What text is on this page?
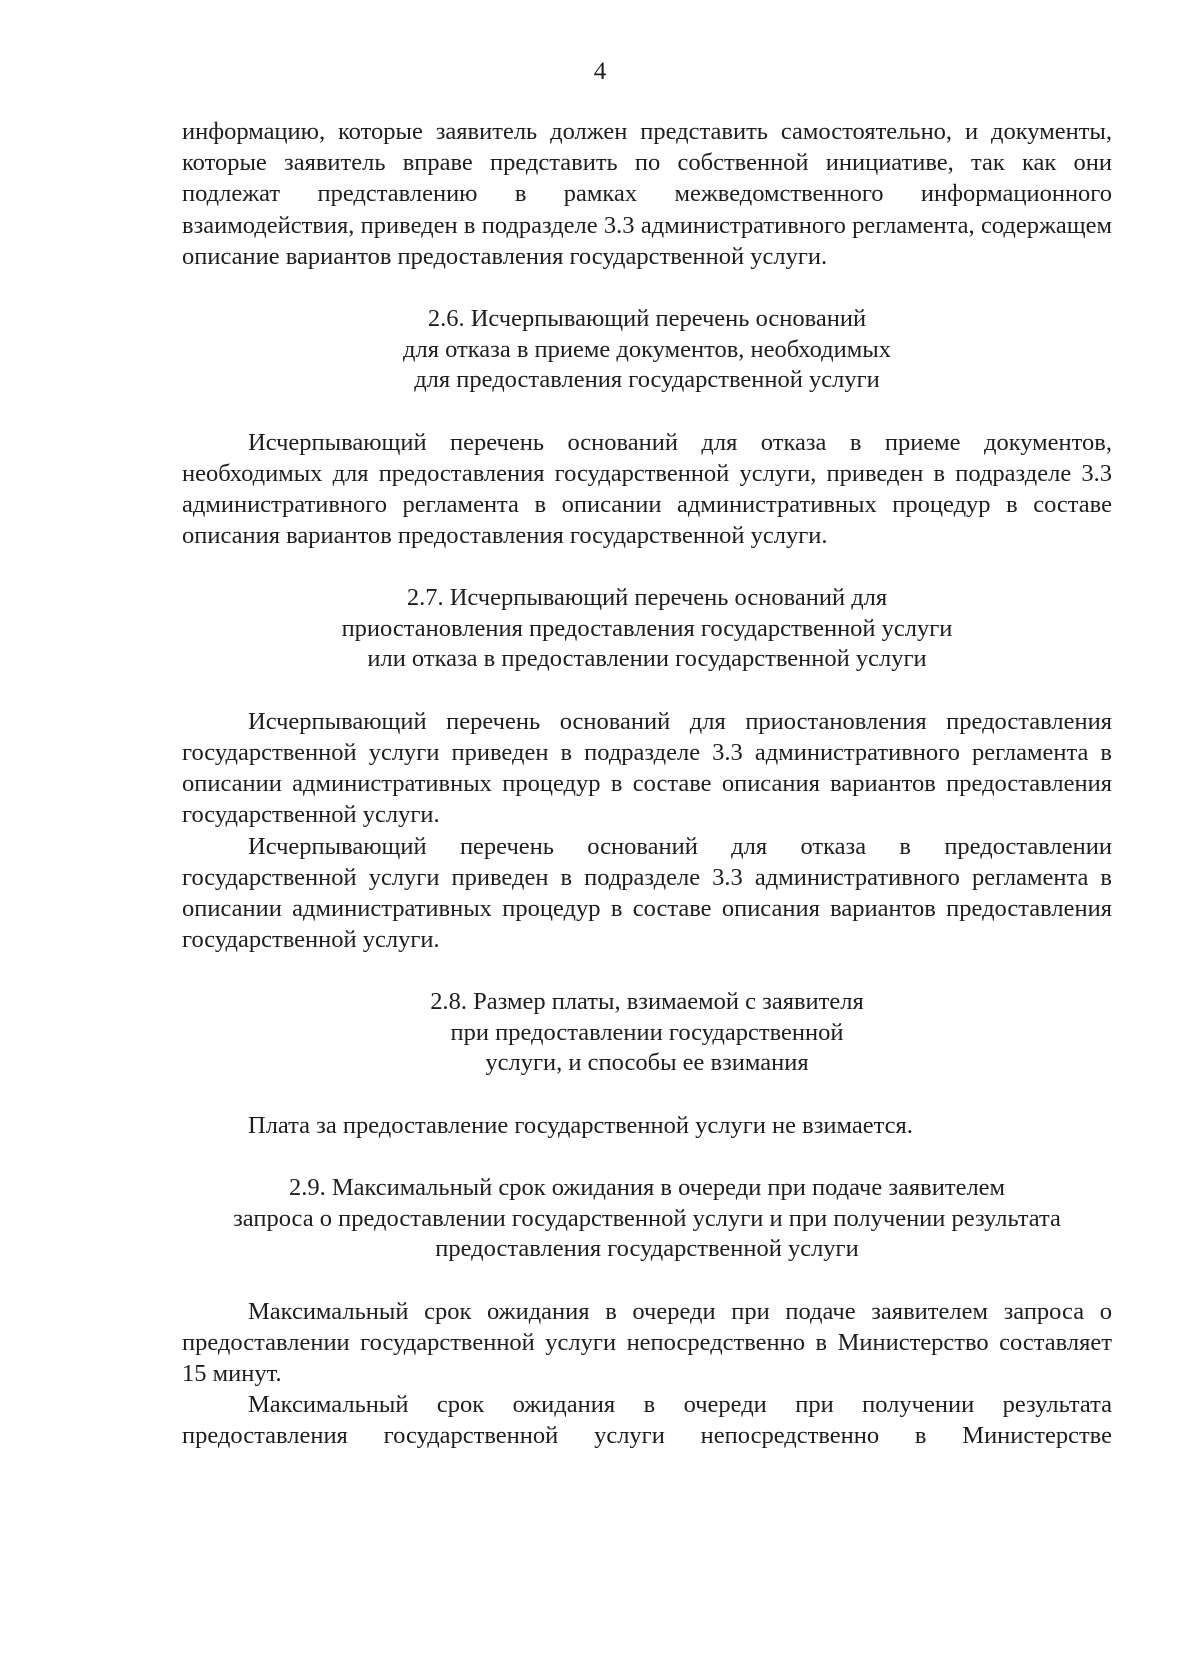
4

информацию, которые заявитель должен представить самостоятельно, и документы, которые заявитель вправе представить по собственной инициативе, так как они подлежат представлению в рамках межведомственного информационного взаимодействия, приведен в подразделе 3.3 административного регламента, содержащем описание вариантов предоставления государственной услуги.

2.6. Исчерпывающий перечень оснований
для отказа в приеме документов, необходимых
для предоставления государственной услуги

Исчерпывающий перечень оснований для отказа в приеме документов, необходимых для предоставления государственной услуги, приведен в подразделе 3.3 административного регламента в описании административных процедур в составе описания вариантов предоставления государственной услуги.

2.7. Исчерпывающий перечень оснований для
приостановления предоставления государственной услуги
или отказа в предоставлении государственной услуги

Исчерпывающий перечень оснований для приостановления предоставления государственной услуги приведен в подразделе 3.3 административного регламента в описании административных процедур в составе описания вариантов предоставления государственной услуги.

Исчерпывающий перечень оснований для отказа в предоставлении государственной услуги приведен в подразделе 3.3 административного регламента в описании административных процедур в составе описания вариантов предоставления государственной услуги.

2.8. Размер платы, взимаемой с заявителя
при предоставлении государственной
услуги, и способы ее взимания

Плата за предоставление государственной услуги не взимается.

2.9. Максимальный срок ожидания в очереди при подаче заявителем
запроса о предоставлении государственной услуги и при получении результата
предоставления государственной услуги

Максимальный срок ожидания в очереди при подаче заявителем запроса о предоставлении государственной услуги непосредственно в Министерство составляет 15 минут.

Максимальный срок ожидания в очереди при получении результата предоставления государственной услуги непосредственно в Министерстве
